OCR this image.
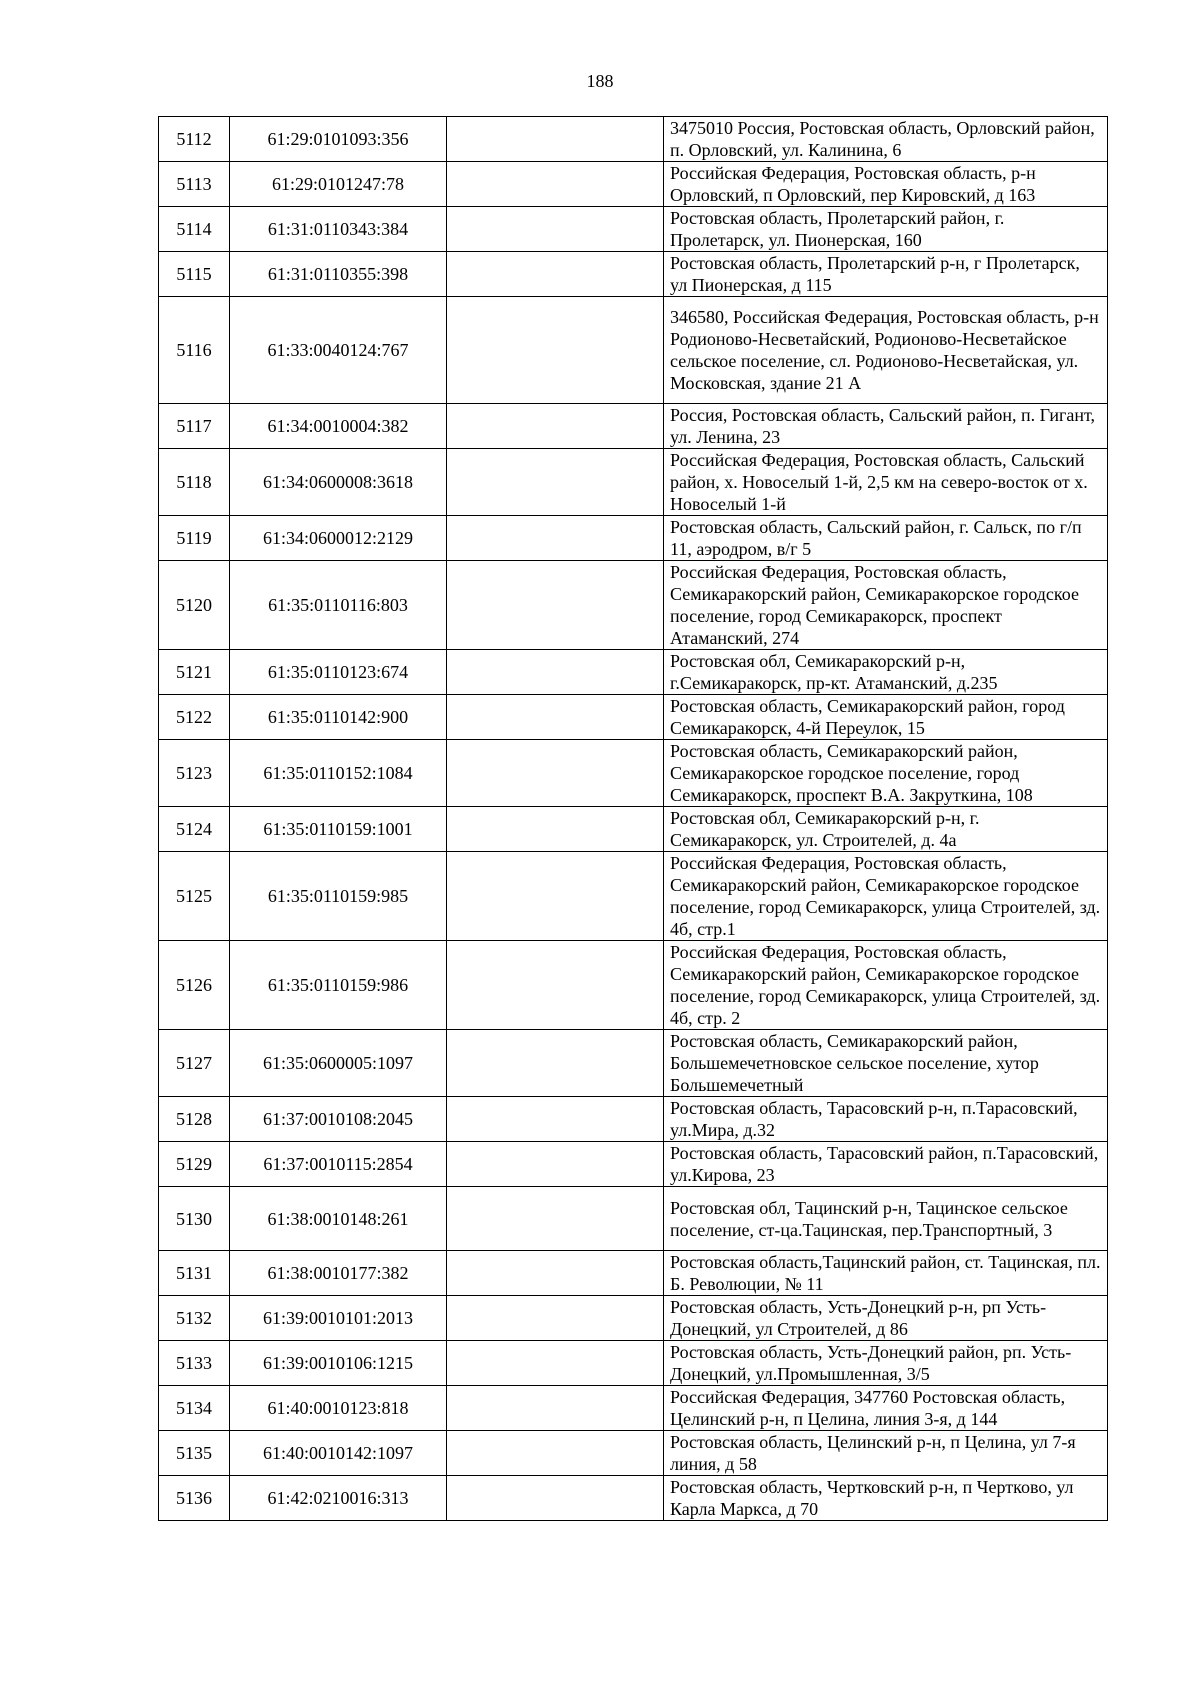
188
5112	61:29:0101093:356		3475010 Россия, Ростовская область, Орловский район, п. Орловский, ул. Калинина, 6
5113	61:29:0101247:78		Российская Федерация, Ростовская область, р-н Орловский, п Орловский, пер Кировский, д 163
5114	61:31:0110343:384		Ростовская область, Пролетарский район, г. Пролетарск, ул. Пионерская, 160
5115	61:31:0110355:398		Ростовская область, Пролетарский р-н, г Пролетарск, ул Пионерская, д 115
5116	61:33:0040124:767		346580, Российская Федерация, Ростовская область, р-н Родионово-Несветайский, Родионово-Несветайское сельское поселение, сл. Родионово-Несветайская, ул. Московская, здание 21 А
5117	61:34:0010004:382		Россия, Ростовская область, Сальский район, п. Гигант, ул. Ленина, 23
5118	61:34:0600008:3618		Российская Федерация, Ростовская область, Сальский район, х. Новоселый 1-й, 2,5 км на северо-восток от х. Новоселый 1-й
5119	61:34:0600012:2129		Ростовская область, Сальский район, г. Сальск, по г/п 11, аэродром, в/г 5
5120	61:35:0110116:803		Российская Федерация, Ростовская область, Семикаракорский район, Семикаракорское городское поселение, город Семикаракорск, проспект Атаманский, 274
5121	61:35:0110123:674		Ростовская обл, Семикаракорский р-н, г.Семикаракорск, пр-кт. Атаманский, д.235
5122	61:35:0110142:900		Ростовская область, Семикаракорский район, город Семикаракорск, 4-й Переулок, 15
5123	61:35:0110152:1084		Ростовская область, Семикаракорский район, Семикаракорское городское поселение, город Семикаракорск, проспект В.А. Закруткина, 108
5124	61:35:0110159:1001		Ростовская обл, Семикаракорский р-н, г. Семикаракорск, ул. Строителей, д. 4а
5125	61:35:0110159:985		Российская Федерация, Ростовская область, Семикаракорский район, Семикаракорское городское поселение, город Семикаракорск, улица Строителей, зд. 4б, стр.1
5126	61:35:0110159:986		Российская Федерация, Ростовская область, Семикаракорский район, Семикаракорское городское поселение, город Семикаракорск, улица Строителей, зд. 4б, стр. 2
5127	61:35:0600005:1097		Ростовская область, Семикаракорский район, Большемечетновское сельское поселение, хутор Большемечетный
5128	61:37:0010108:2045		Ростовская область, Тарасовский р-н, п.Тарасовский, ул.Мира, д.32
5129	61:37:0010115:2854		Ростовская область, Тарасовский район, п.Тарасовский, ул.Кирова, 23
5130	61:38:0010148:261		Ростовская обл, Тацинский р-н, Тацинское сельское поселение, ст-ца.Тацинская, пер.Транспортный, 3
5131	61:38:0010177:382		Ростовская область,Тацинский район, ст. Тацинская, пл. Б. Революции, № 11
5132	61:39:0010101:2013		Ростовская область, Усть-Донецкий р-н, рп Усть-Донецкий, ул Строителей, д 86
5133	61:39:0010106:1215		Ростовская область, Усть-Донецкий район, рп. Усть-Донецкий, ул.Промышленная, 3/5
5134	61:40:0010123:818		Российская Федерация, 347760 Ростовская область, Целинский р-н, п Целина, линия 3-я, д 144
5135	61:40:0010142:1097		Ростовская область, Целинский р-н, п Целина, ул 7-я линия, д 58
5136	61:42:0210016:313		Ростовская область, Чертковский р-н, п Чертково, ул Карла Маркса, д 70
